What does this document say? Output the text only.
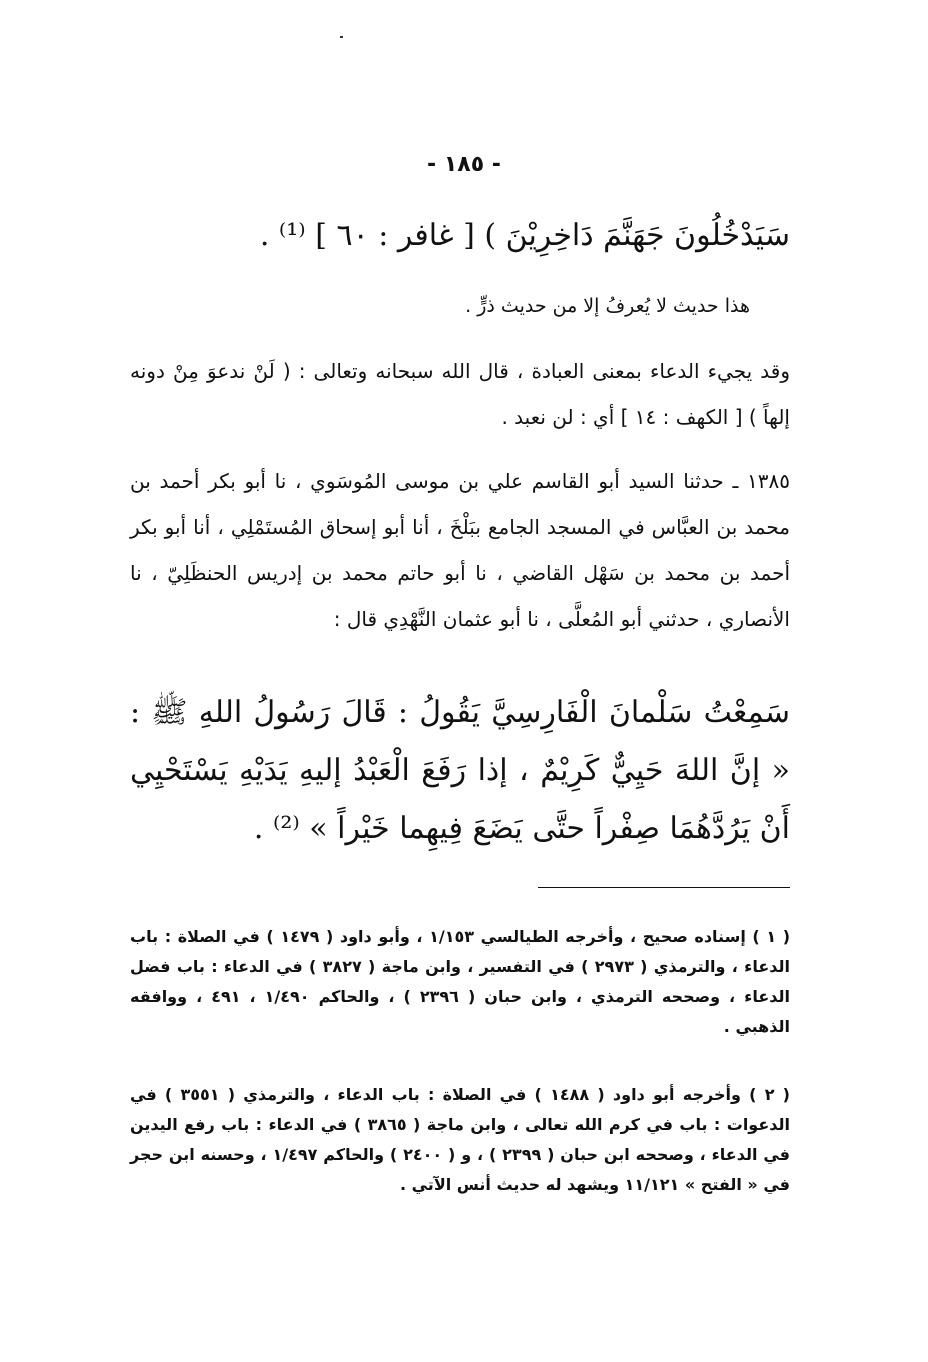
- ١٨٥ -
سَيَدْخُلُونَ جَهَنَّمَ دَاخِرِيْنَ ) [ غافر : ٦٠ ] ⁽¹⁾ .
هذا حديث لا يُعرفُ إلا من حديث ذرٍّ .
وقد يجيء الدعاء بمعنى العبادة ، قال الله سبحانه وتعالى : ( لَنْ ندعوَ مِنْ دونه إلهاً ) [ الكهف : ١٤ ] أي : لن نعبد .
١٣٨٥ ـ حدثنا السيد أبو القاسم علي بن موسى المُوسَوي ، نا أبو بكر أحمد بن محمد بن العبَّاس في المسجد الجامع ببَلْخَ ، أنا أبو إسحاق المُستَمْلِي ، أنا أبو بكر أحمد بن محمد بن سَهْل القاضي ، نا أبو حاتم محمد بن إدريس الحنظَلِيّ ، نا الأنصاري ، حدثني أبو المُعلَّى ، نا أبو عثمان النَّهْدِي قال :
سَمِعْتُ سَلْمانَ الْفَارِسِيَّ يَقُولُ : قَالَ رَسُولُ اللهِ ﷺ : « إنَّ اللهَ حَيِيٌّ كَرِيْمٌ ، إذا رَفَعَ الْعَبْدُ إليهِ يَدَيْهِ يَسْتَحْيِي أَنْ يَرُدَّهُمَا صِفْراً حتَّى يَضَعَ فِيهِما خَيْراً » ⁽²⁾ .
( ١ ) إسناده صحيح ، وأخرجه الطيالسي ١/١٥٣ ، وأبو داود ( ١٤٧٩ ) في الصلاة : باب الدعاء ، والترمذي ( ٢٩٧٣ ) في التفسير ، وابن ماجة ( ٣٨٢٧ ) في الدعاء : باب فضل الدعاء ، وصححه الترمذي ، وابن حبان ( ٢٣٩٦ ) ، والحاكم ١/٤٩٠ ، ٤٩١ ، ووافقه الذهبي .
( ٢ ) وأخرجه أبو داود ( ١٤٨٨ ) في الصلاة : باب الدعاء ، والترمذي ( ٣٥٥١ ) في الدعوات : باب في كرم الله تعالى ، وابن ماجة ( ٣٨٦٥ ) في الدعاء : باب رفع اليدين في الدعاء ، وصححه ابن حبان ( ٢٣٩٩ ) ، و ( ٢٤٠٠ ) والحاكم ١/٤٩٧ ، وحسنه ابن حجر في « الفتح » ١١/١٢١ ويشهد له حديث أنس الآتي .
